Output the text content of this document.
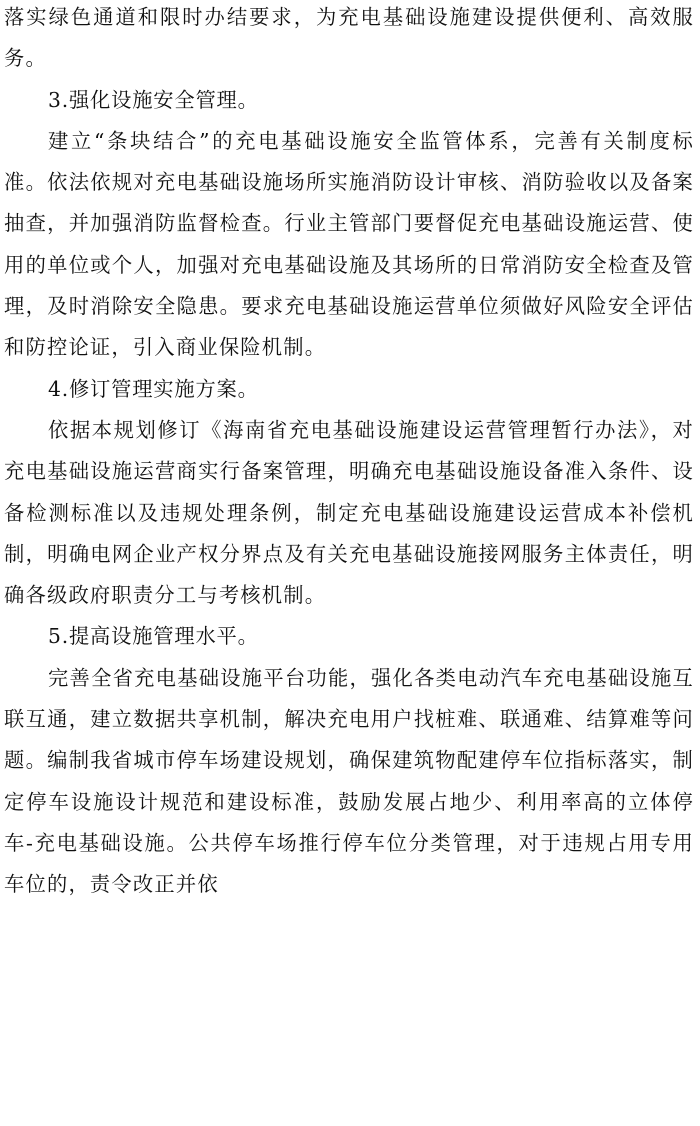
落实绿色通道和限时办结要求，为充电基础设施建设提供便利、高效服务。

3.强化设施安全管理。

建立“条块结合”的充电基础设施安全监管体系，完善有关制度标准。依法依规对充电基础设施场所实施消防设计审核、消防验收以及备案抽查，并加强消防监督检查。行业主管部门要督促充电基础设施运营、使用的单位或个人，加强对充电基础设施及其场所的日常消防安全检查及管理，及时消除安全隐患。要求充电基础设施运营单位须做好风险安全评估和防控论证，引入商业保险机制。

4.修订管理实施方案。

依据本规划修订《海南省充电基础设施建设运营管理暂行办法》，对充电基础设施运营商实行备案管理，明确充电基础设施设备准入条件、设备检测标准以及违规处理条例，制定充电基础设施建设运营成本补偿机制，明确电网企业产权分界点及有关充电基础设施接网服务主体责任，明确各级政府职责分工与考核机制。

5.提高设施管理水平。

完善全省充电基础设施平台功能，强化各类电动汽车充电基础设施互联互通，建立数据共享机制，解决充电用户找桩难、联通难、结算难等问题。编制我省城市停车场建设规划，确保建筑物配建停车位指标落实，制定停车设施设计规范和建设标准，鼓励发展占地少、利用率高的立体停车-充电基础设施。公共停车场推行停车位分类管理，对于违规占用专用车位的，责令改正并依
